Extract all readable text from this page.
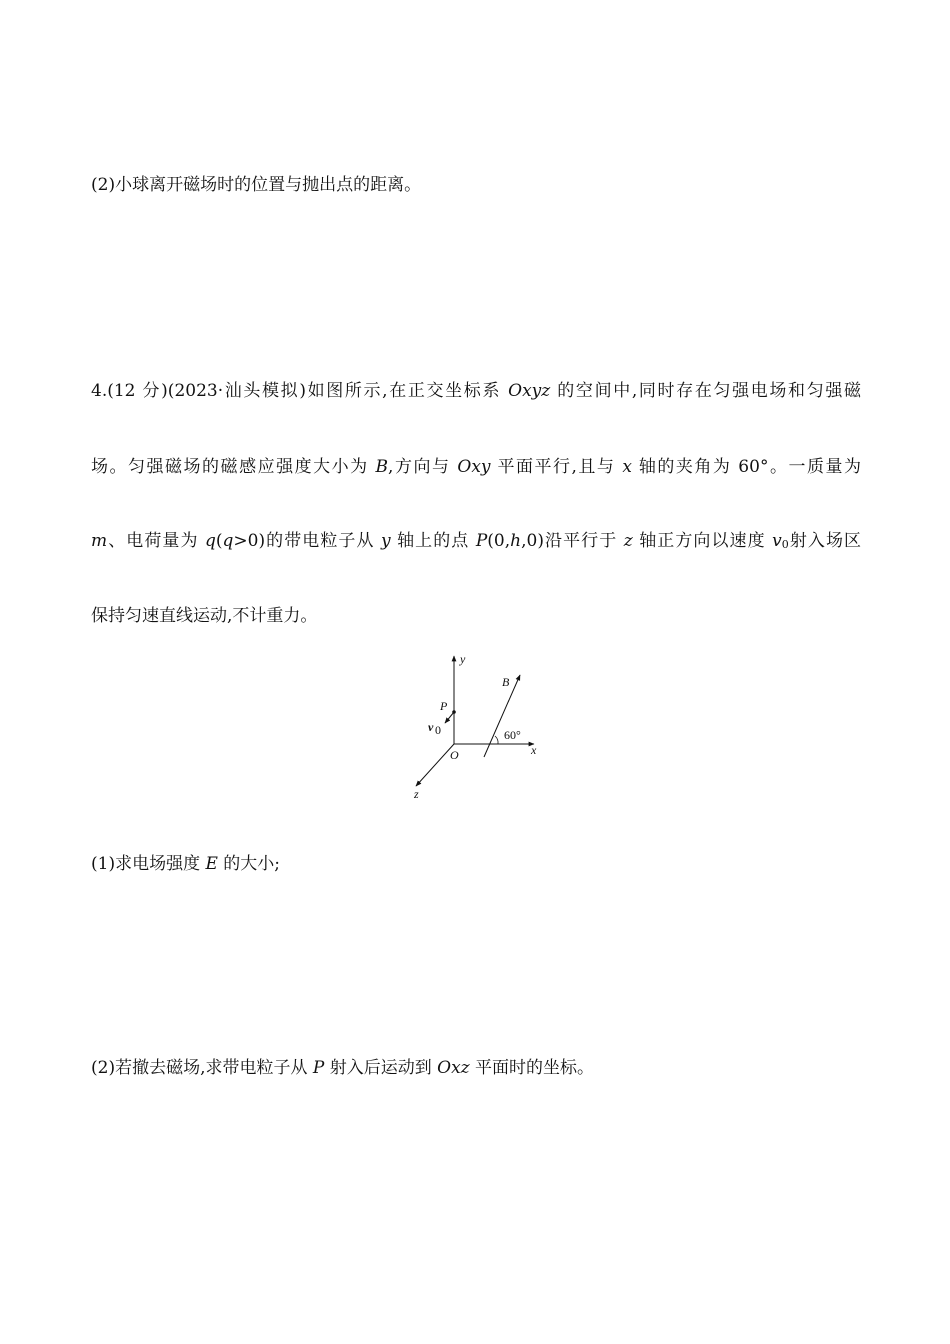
(2)小球离开磁场时的位置与抛出点的距离。
4.(12 分)(2023·汕头模拟)如图所示,在正交坐标系 Oxyz 的空间中,同时存在匀强电场和匀强磁
场。匀强磁场的磁感应强度大小为 B,方向与 Oxy 平面平行,且与 x 轴的夹角为 60°。一质量为
m、电荷量为 q(q>0)的带电粒子从 y 轴上的点 P(0,h,0)沿平行于 z 轴正方向以速度 $v_0$射入场区
保持匀速直线运动,不计重力。
y
P
v 0
O
B
60°
x
z
(1)求电场强度 E 的大小;
(2)若撤去磁场,求带电粒子从 P 射入后运动到 Oxz 平面时的坐标。
